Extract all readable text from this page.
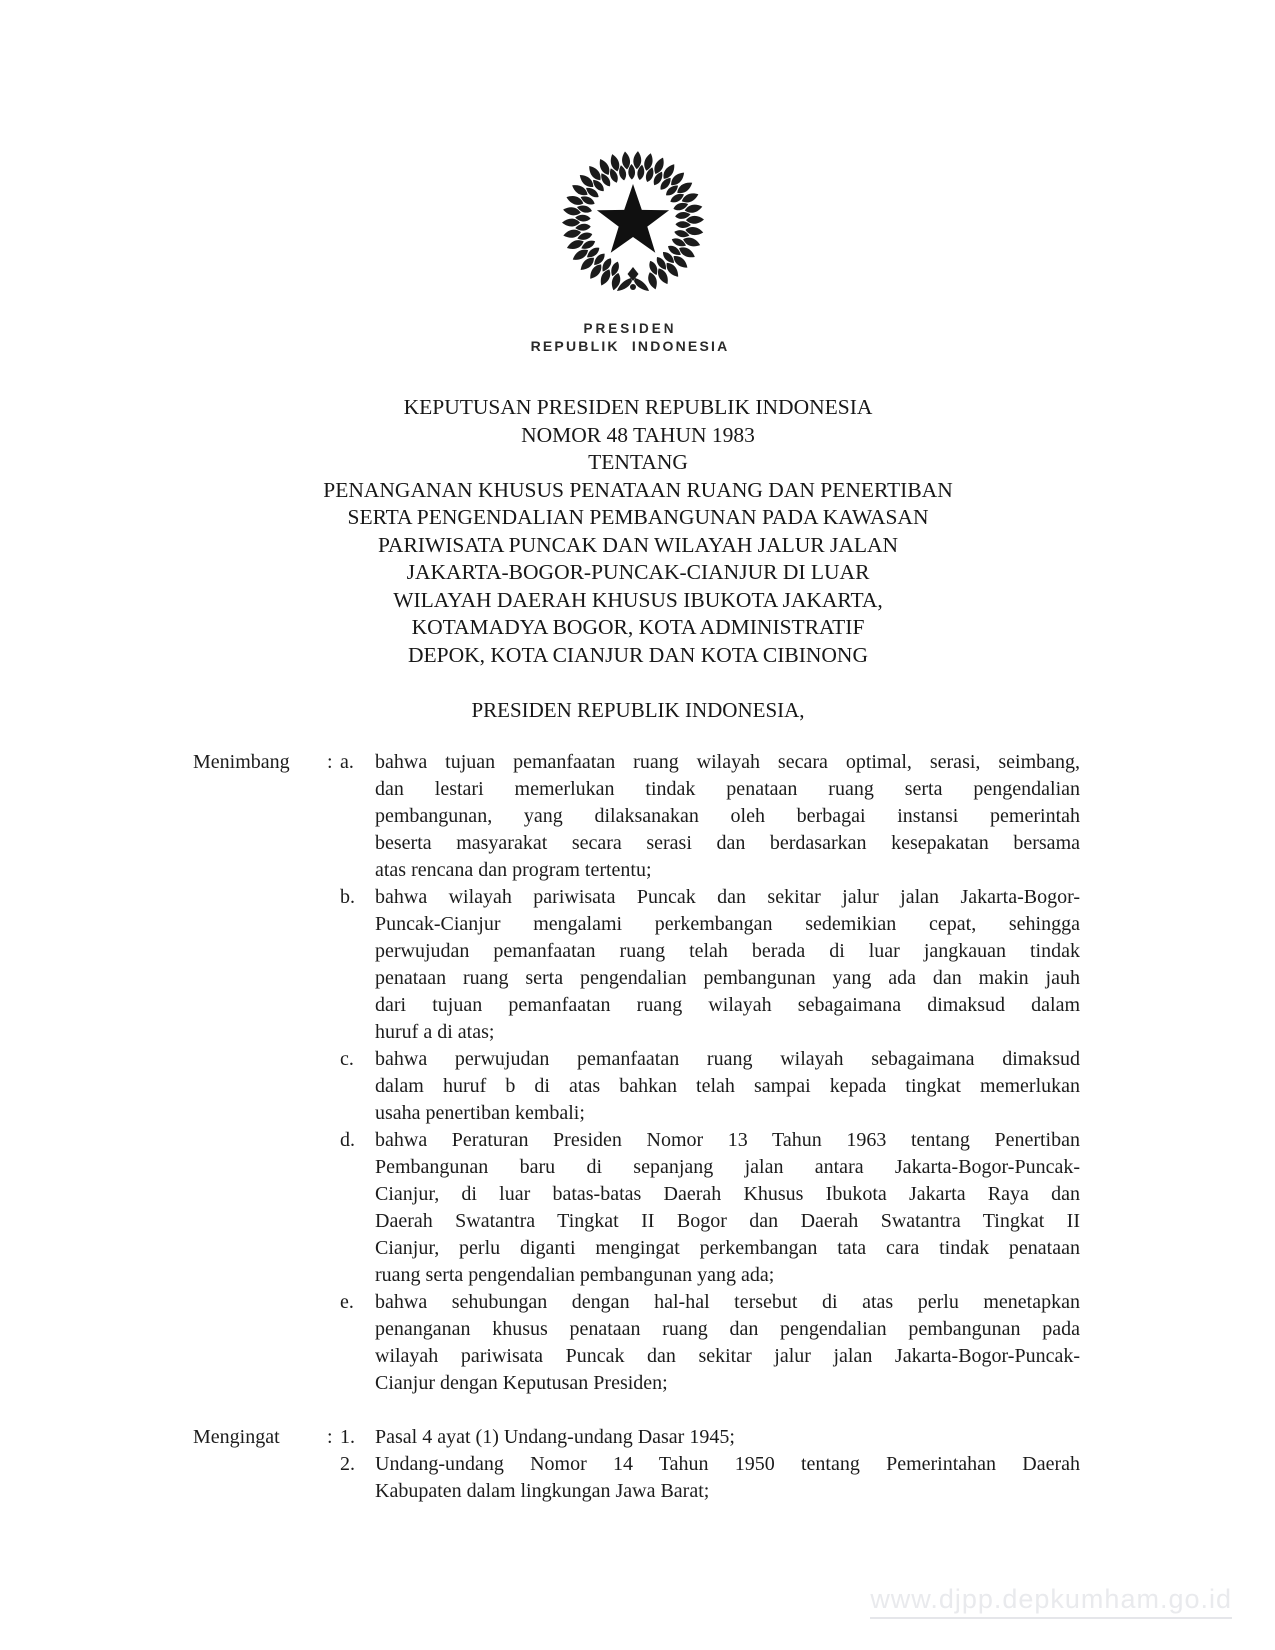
PRESIDEN
REPUBLIK INDONESIA
KEPUTUSAN PRESIDEN REPUBLIK INDONESIA
NOMOR 48 TAHUN 1983
TENTANG
PENANGANAN KHUSUS PENATAAN RUANG DAN PENERTIBAN
SERTA PENGENDALIAN PEMBANGUNAN PADA KAWASAN
PARIWISATA PUNCAK DAN WILAYAH JALUR JALAN
JAKARTA-BOGOR-PUNCAK-CIANJUR DI LUAR
WILAYAH DAERAH KHUSUS IBUKOTA JAKARTA,
KOTAMADYA BOGOR, KOTA ADMINISTRATIF
DEPOK, KOTA CIANJUR DAN KOTA CIBINONG
PRESIDEN REPUBLIK INDONESIA,
Menimbang	: a.	bahwa tujuan pemanfaatan ruang wilayah secara optimal, serasi, seimbang,
dan lestari memerlukan tindak penataan ruang serta pengendalian
pembangunan, yang dilaksanakan oleh berbagai instansi pemerintah
beserta masyarakat secara serasi dan berdasarkan kesepakatan bersama
atas rencana dan program tertentu;
b.	bahwa wilayah pariwisata Puncak dan sekitar jalur jalan Jakarta-Bogor-
Puncak-Cianjur mengalami perkembangan sedemikian cepat, sehingga
perwujudan pemanfaatan ruang telah berada di luar jangkauan tindak
penataan ruang serta pengendalian pembangunan yang ada dan makin jauh
dari tujuan pemanfaatan ruang wilayah sebagaimana dimaksud dalam
huruf a di atas;
c.	bahwa perwujudan pemanfaatan ruang wilayah sebagaimana dimaksud
dalam huruf b di atas bahkan telah sampai kepada tingkat memerlukan
usaha penertiban kembali;
d.	bahwa Peraturan Presiden Nomor 13 Tahun 1963 tentang Penertiban
Pembangunan baru di sepanjang jalan antara Jakarta-Bogor-Puncak-
Cianjur, di luar batas-batas Daerah Khusus Ibukota Jakarta Raya dan
Daerah Swatantra Tingkat II Bogor dan Daerah Swatantra Tingkat II
Cianjur, perlu diganti mengingat perkembangan tata cara tindak penataan
ruang serta pengendalian pembangunan yang ada;
e.	bahwa sehubungan dengan hal-hal tersebut di atas perlu menetapkan
penanganan khusus penataan ruang dan pengendalian pembangunan pada
wilayah pariwisata Puncak dan sekitar jalur jalan Jakarta-Bogor-Puncak-
Cianjur dengan Keputusan Presiden;
Mengingat	: 1.	Pasal 4 ayat (1) Undang-undang Dasar 1945;
2.	Undang-undang Nomor 14 Tahun 1950 tentang Pemerintahan Daerah
Kabupaten dalam lingkungan Jawa Barat;
www.djpp.depkumham.go.id
